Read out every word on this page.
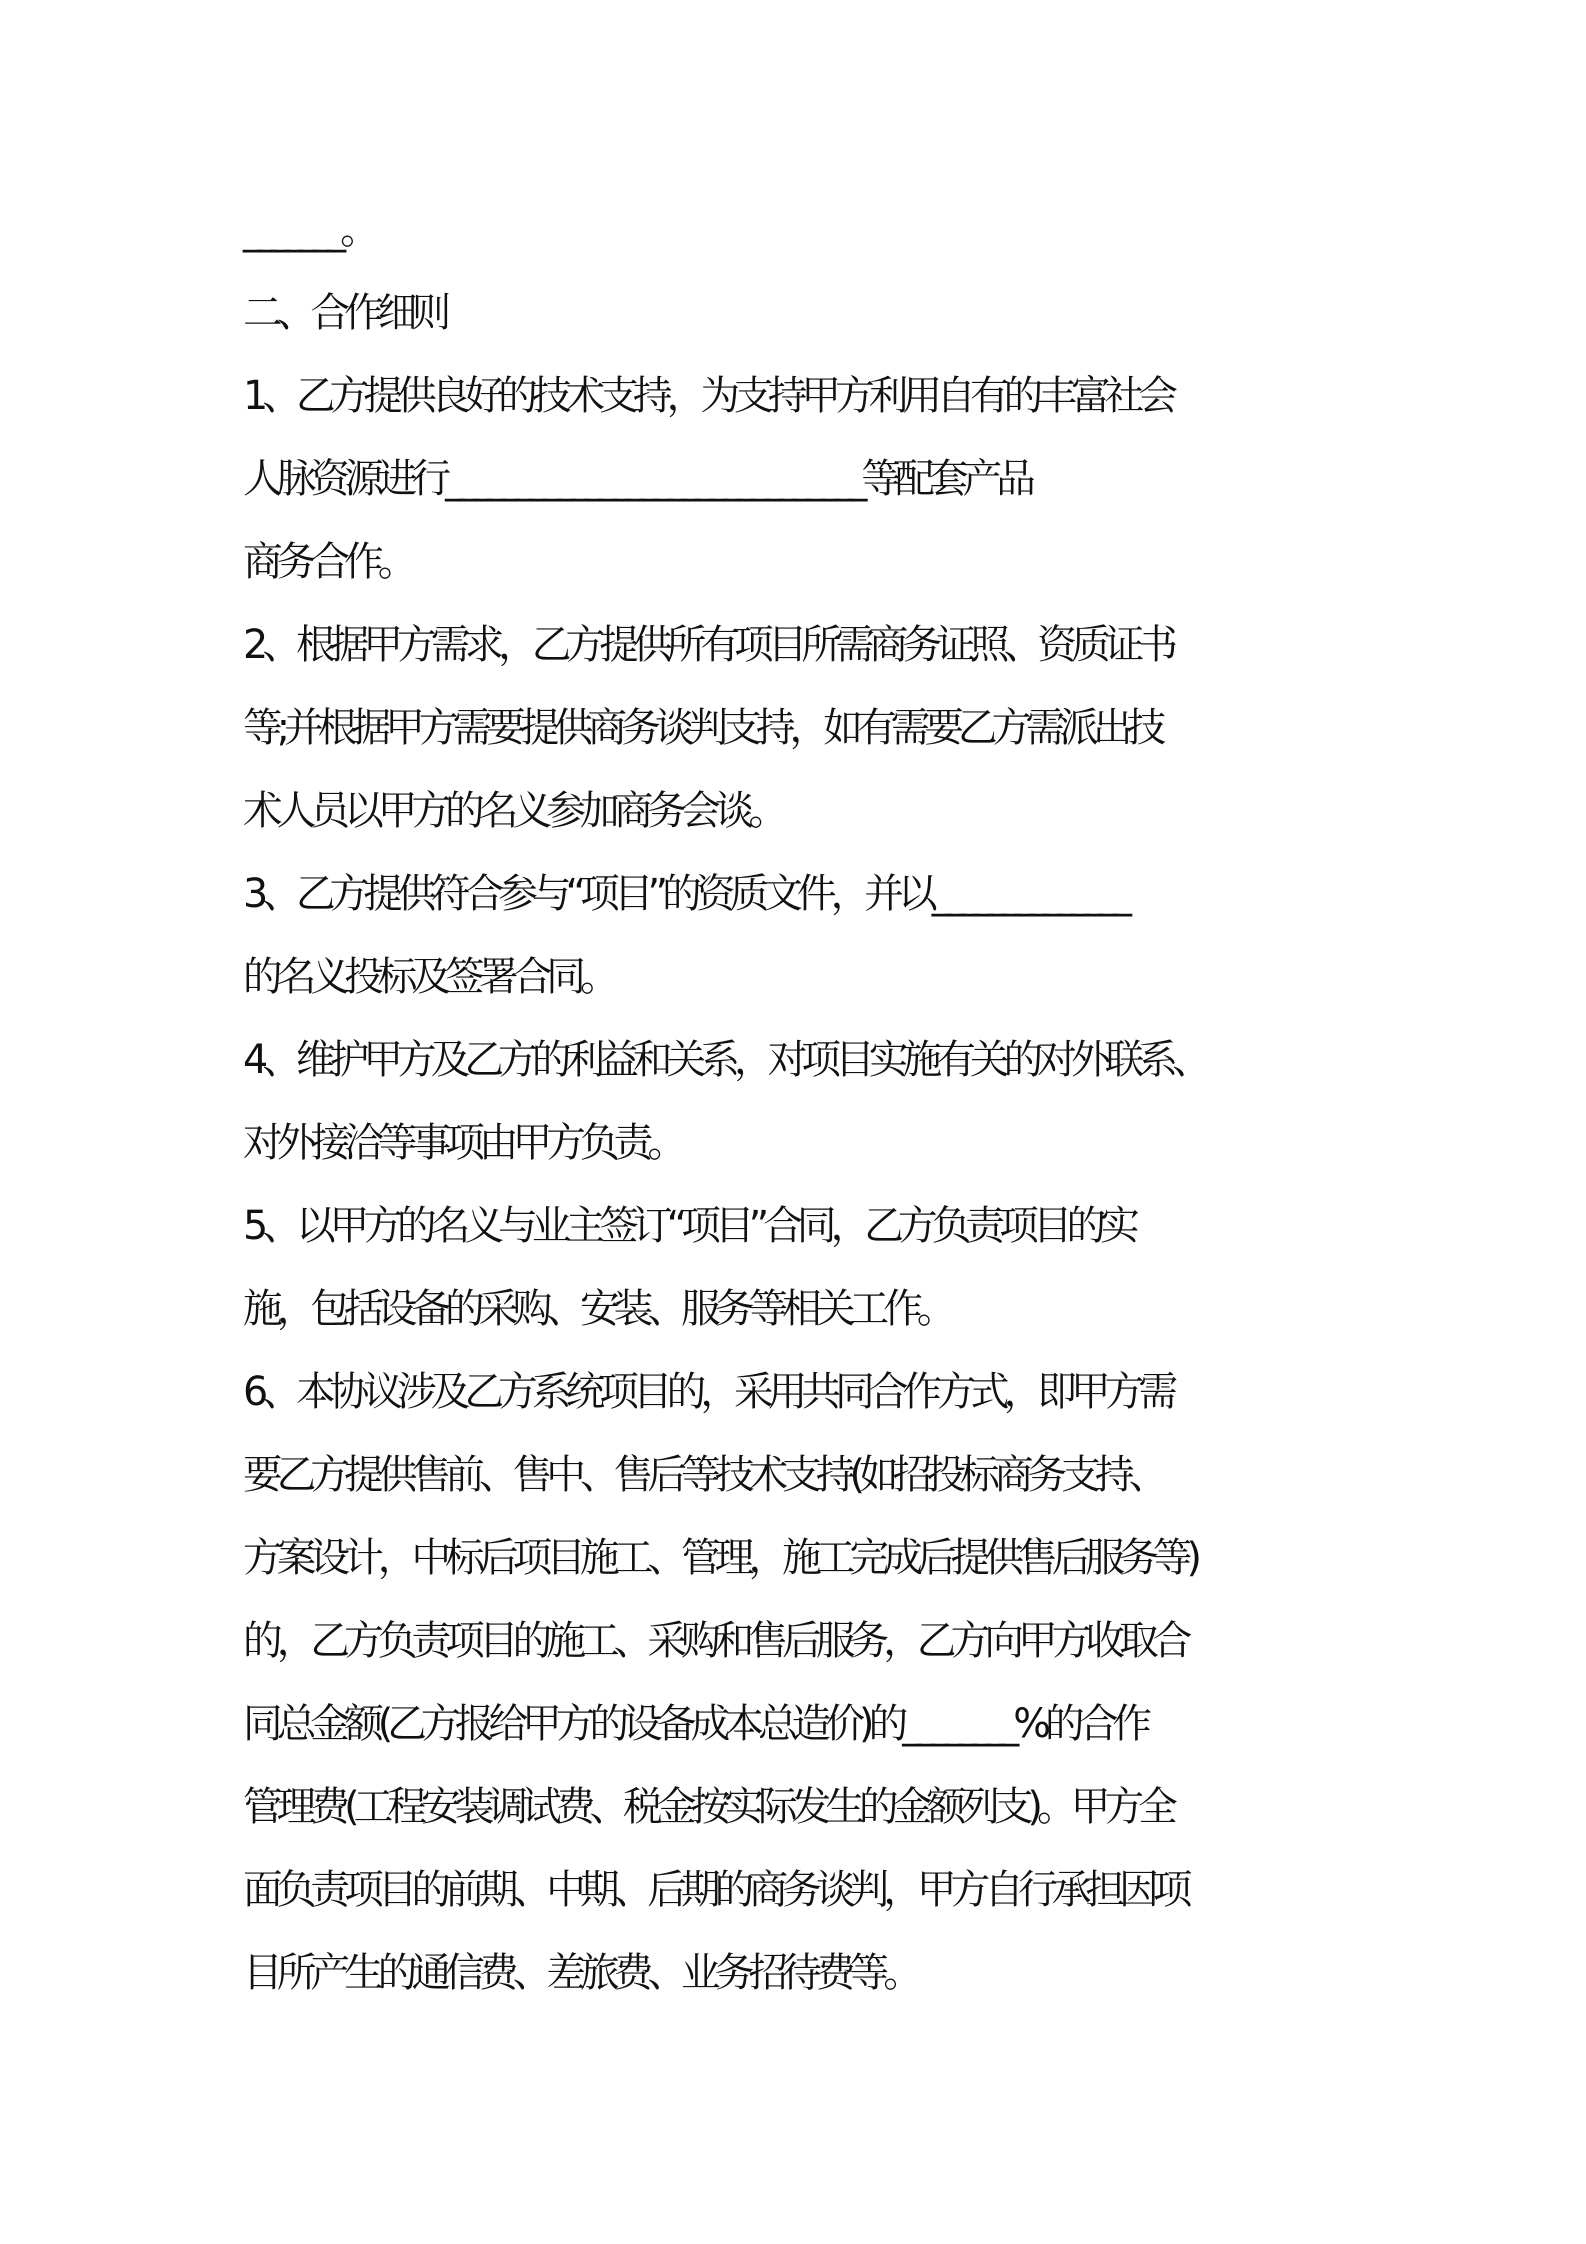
_______。
二、合作细则
1、乙方提供良好的技术支持，为支持甲方利用自有的丰富社会
人脉资源进行______________________________等配套产品
商务合作。
2、根据甲方需求，乙方提供所有项目所需商务证照、资质证书
等;并根据甲方需要提供商务谈判支持，如有需要乙方需派出技
术人员以甲方的名义参加商务会谈。
3、乙方提供符合参与“项目”的资质文件，并以______________
的名义投标及签署合同。
4、维护甲方及乙方的利益和关系，对项目实施有关的对外联系、
对外接洽等事项由甲方负责。
5、以甲方的名义与业主签订“项目”合同，乙方负责项目的实
施，包括设备的采购、安装、服务等相关工作。
6、本协议涉及乙方系统项目的，采用共同合作方式，即甲方需
要乙方提供售前、售中、售后等技术支持(如招投标商务支持、
方案设计，中标后项目施工、管理，施工完成后提供售后服务等)
的，乙方负责项目的施工、采购和售后服务，乙方向甲方收取合
同总金额(乙方报给甲方的设备成本总造价)的________%的合作
管理费(工程安装调试费、税金按实际发生的金额列支)。甲方全
面负责项目的前期、中期、后期的商务谈判，甲方自行承担因项
目所产生的通信费、差旅费、业务招待费等。
